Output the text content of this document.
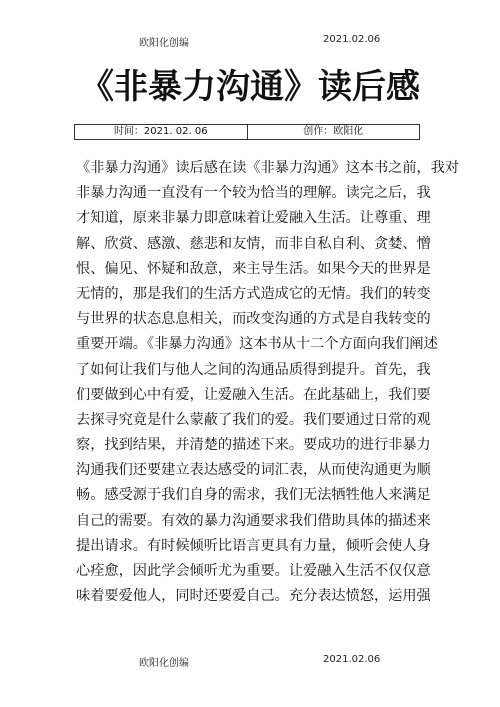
欧阳化创编	2021.02.06
《非暴力沟通》读后感
时间：2021. 02. 06	创作：欧阳化
《非暴力沟通》读后感在读《非暴力沟通》这本书之前，我对
非暴力沟通一直没有一个较为恰当的理解。读完之后，我
才知道，原来非暴力即意味着让爱融入生活。让尊重、理
解、欣赏、感激、慈悲和友情，而非自私自利、贪婪、憎
恨、偏见、怀疑和敌意，来主导生活。如果今天的世界是
无情的，那是我们的生活方式造成它的无情。我们的转变
与世界的状态息息相关，而改变沟通的方式是自我转变的
重要开端。《非暴力沟通》这本书从十二个方面向我们阐述
了如何让我们与他人之间的沟通品质得到提升。首先，我
们要做到心中有爱，让爱融入生活。在此基础上，我们要
去探寻究竟是什么蒙蔽了我们的爱。我们要通过日常的观
察，找到结果，并清楚的描述下来。要成功的进行非暴力
沟通我们还要建立表达感受的词汇表，从而使沟通更为顺
畅。感受源于我们自身的需求，我们无法牺牲他人来满足
自己的需要。有效的暴力沟通要求我们借助具体的描述来
提出请求。有时候倾听比语言更具有力量，倾听会使人身
心痊愈，因此学会倾听尤为重要。让爱融入生活不仅仅意
味着要爱他人，同时还要爱自己。充分表达愤怒，运用强
欧阳化创编	2021.02.06
